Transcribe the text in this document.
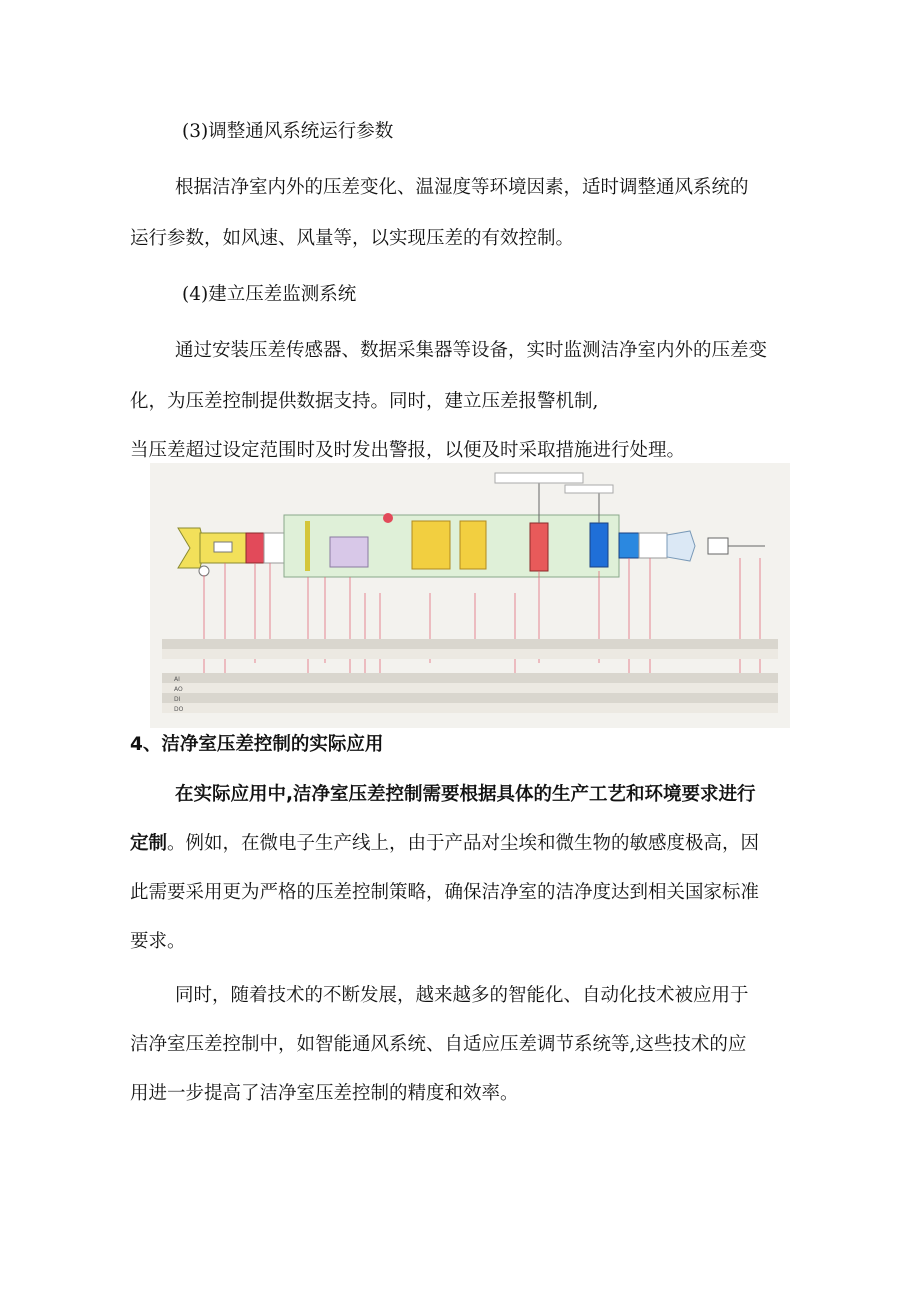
(3)调整通风系统运行参数
根据洁净室内外的压差变化、温湿度等环境因素，适时调整通风系统的
运行参数，如风速、风量等，以实现压差的有效控制。
(4)建立压差监测系统
通过安装压差传感器、数据采集器等设备，实时监测洁净室内外的压差变
化，为压差控制提供数据支持。同时，建立压差报警机制,
当压差超过设定范围时及时发出警报，以便及时采取措施进行处理。
AI
AO
DI
DO
4、洁净室压差控制的实际应用
在实际应用中,洁净室压差控制需要根据具体的生产工艺和环境要求进行
定制。例如，在微电子生产线上，由于产品对尘埃和微生物的敏感度极高，因
此需要采用更为严格的压差控制策略，确保洁净室的洁净度达到相关国家标准
要求。
同时，随着技术的不断发展，越来越多的智能化、自动化技术被应用于
洁净室压差控制中，如智能通风系统、自适应压差调节系统等,这些技术的应
用进一步提高了洁净室压差控制的精度和效率。
